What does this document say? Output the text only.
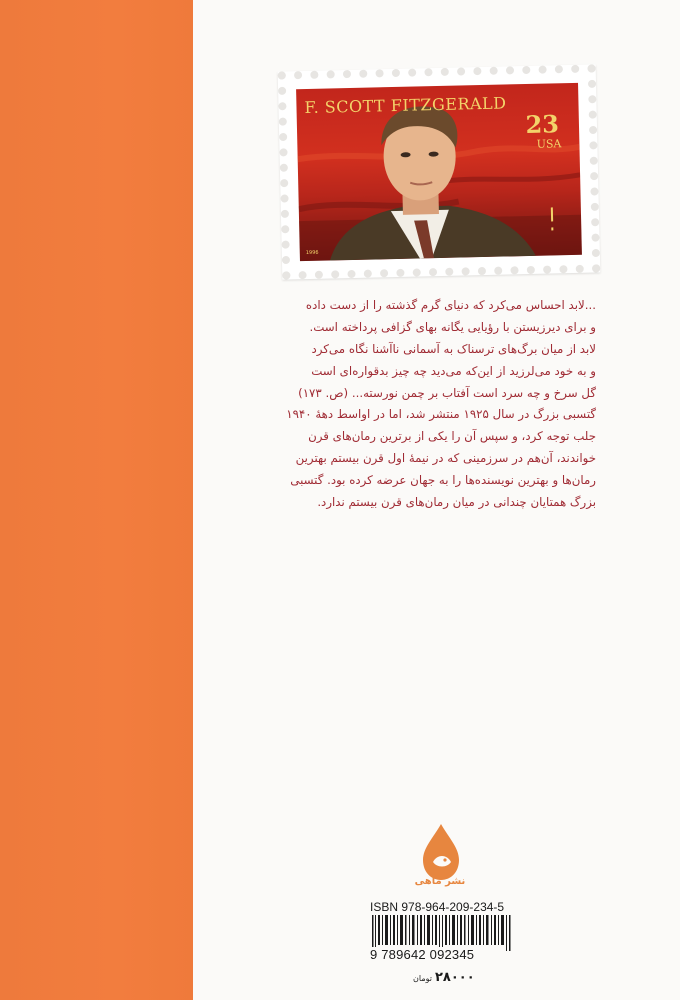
F. SCOTT FITZGERALD
23
USA
1996

...لابد احساس می‌کرد که دنیای گرم گذشته را از دست داده

و برای دیرزیستن با رؤیایی یگانه بهای گزافی پرداخته است.

لابد از میان برگ‌های ترسناک به آسمانی ناآشنا نگاه می‌کرد

و به خود می‌لرزید از این‌که می‌دید چه چیز بدقواره‌ای است

گل سرخ و چه سرد است آفتاب بر چمن نورسته... (ص. ۱۷۳)

گتسبی بزرگ در سال ۱۹۲۵ منتشر شد، اما در اواسط دههٔ ۱۹۴۰

جلب توجه کرد، و سپس آن را یکی از برترین رمان‌های قرن

خواندند، آن‌هم در سرزمینی که در نیمهٔ اول قرن بیستم بهترین

رمان‌ها و بهترین نویسنده‌ها را به جهان عرضه کرده بود. گتسبی

بزرگ همتایان چندانی در میان رمان‌های قرن بیستم ندارد.

نشر ماهی
ISBN 978-964-209-234-5
9 789642 092345
۲۸۰۰۰تومان
